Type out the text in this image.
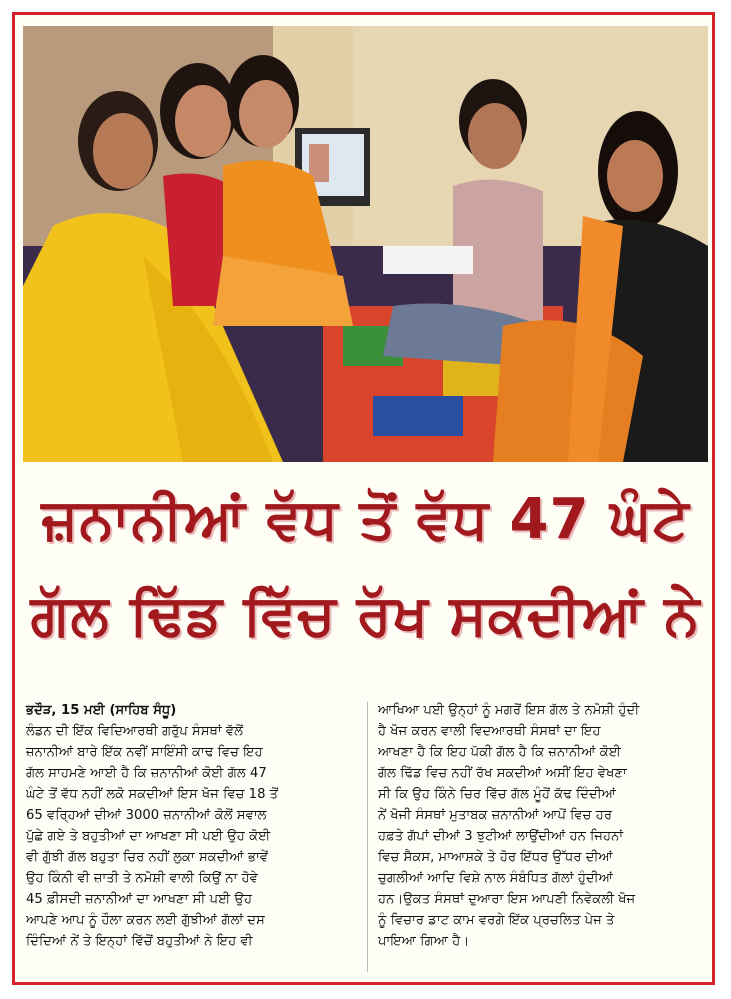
ਜ਼ਨਾਨੀਆਂ ਵੱਧ ਤੋਂ ਵੱਧ 47 ਘੰਟੇ
ਗੱਲ ਢਿੱਡ ਵਿੱਚ ਰੱਖ ਸਕਦੀਆਂ ਨੇ
ਭਦੌੜ, 15 ਮਈ (ਸਾਹਿਬ ਸੰਧੂ)
ਲੰਡਨ ਦੀ ਇੱਕ ਵਿਦਿਆਰਥੀ ਗਰੁੱਪ ਸੰਸਥਾਂ ਵੱਲੋਂ
ਜ਼ਨਾਨੀਆਂ ਬਾਰੇ ਇੱਕ ਨਵੀਂ ਸਾਇੰਸੀ ਕਾਢ ਵਿਚ ਇਹ
ਗੱਲ ਸਾਹਮਣੇ ਆਈ ਹੈ ਕਿ ਜ਼ਨਾਨੀਆਂ ਕੋਈ ਗੱਲ 47
ਘੰਟੇ ਤੋਂ ਵੱਧ ਨਹੀਂ ਲਕੋ ਸਕਦੀਆਂ ਇਸ ਖੋਜ ਵਿਚ 18 ਤੋਂ
65 ਵਰ੍ਹਿਆਂ ਦੀਆਂ 3000 ਜ਼ਨਾਨੀਆਂ ਕੋਲੋਂ ਸਵਾਲ
ਪੁੱਛੇ ਗਏ ਤੇ ਬਹੁਤੀਆਂ ਦਾ ਆਖਣਾ ਸੀ ਪਈ ਉਹ ਕੋਈ
ਵੀ ਗੁੱਝੀ ਗੱਲ ਬਹੁਤਾ ਚਿਰ ਨਹੀਂ ਲੁਕਾ ਸਕਦੀਆਂ ਭਾਵੇਂ
ਉਹ ਕਿੰਨੀ ਵੀ ਜ਼ਾਤੀ ਤੇ ਨਮੋਸ਼ੀ ਵਾਲੀ ਕਿਉਂ ਨਾ ਹੋਵੇ
45 ਫ਼ੀਸਦੀ ਜ਼ਨਾਨੀਆਂ ਦਾ ਆਖਣਾ ਸੀ ਪਈ ਉਹ
ਆਪਣੇ ਆਪ ਨੂੰ ਹੌਲਾ ਕਰਨ ਲਈ ਗੁੱਝੀਆਂ ਗੱਲਾਂ ਦਸ
ਦਿੰਦਿਆਂ ਨੇਂ ਤੇ ਇਨ੍ਹਾਂ ਵਿੱਚੋਂ ਬਹੁਤੀਆਂ ਨੇ ਇਹ ਵੀ
ਆਖਿਆ ਪਈ ਉਨ੍ਹਾਂ ਨੂੰ ਮਗਰੋਂ ਇਸ ਗੱਲ ਤੇ ਨਮੋਸ਼ੀ ਹੁੰਦੀ
ਹੈ ਖੋਜ ਕਰਨ ਵਾਲੀ ਵਿਦਆਰਥੀ ਸੰਸਥਾਂ ਦਾ ਇਹ
ਆਖਣਾ ਹੈ ਕਿ ਇਹ ਪੱਕੀ ਗੱਲ ਹੈ ਕਿ ਜ਼ਨਾਨੀਆਂ ਕੋਈ
ਗੱਲ ਢਿੱਡ ਵਿਚ ਨਹੀਂ ਰੱਖ ਸਕਦੀਆਂ ਅਸੀਂ ਇਹ ਵੇਖਣਾ
ਸੀ ਕਿ ਉਹ ਕਿੰਨੇ ਚਿਰ ਵਿੱਚ ਗੱਲ ਮੂੰਹੋਂ ਕੱਢ ਦਿੰਦੀਆਂ
ਨੇਂ ਖੋਜੀ ਸੰਸਥਾਂ ਮੁਤਾਬਕ ਜ਼ਨਾਨੀਆਂ ਆਪੋਂ ਵਿਚ ਹਰ
ਹਫ਼ਤੇ ਗੱਪਾਂ ਦੀਆਂ 3 ਝੁਟੀਆਂ ਲਾਉਂਦੀਆਂ ਹਨ ਜਿਹਨਾਂ
ਵਿਚ ਸੈਕਸ, ਮਾਆਸ਼ਕੇ ਤੇ ਹੋਰ ਇੱਧਰ ਉੱਧਰ ਦੀਆਂ
ਚੁਗਲੀਆਂ ਆਦਿ ਵਿਸ਼ੇ ਨਾਲ ਸੰਬੰਧਿਤ ਗੱਲਾਂ ਹੁੰਦੀਆਂ
ਹਨ।ਉਕਤ ਸੰਸਥਾਂ ਦੁਆਰਾ ਇਸ ਆਪਣੀ ਨਿਵੇਕਲੀ ਖੋਜ
ਨੂੰ ਵਿਚਾਰ ਡਾਟ ਕਾਮ ਵਰਗੇ ਇੱਕ ਪ੍ਰਚਲਿਤ ਪੇਜ ਤੇ
ਪਾਇਆ ਗਿਆ ਹੈ।
